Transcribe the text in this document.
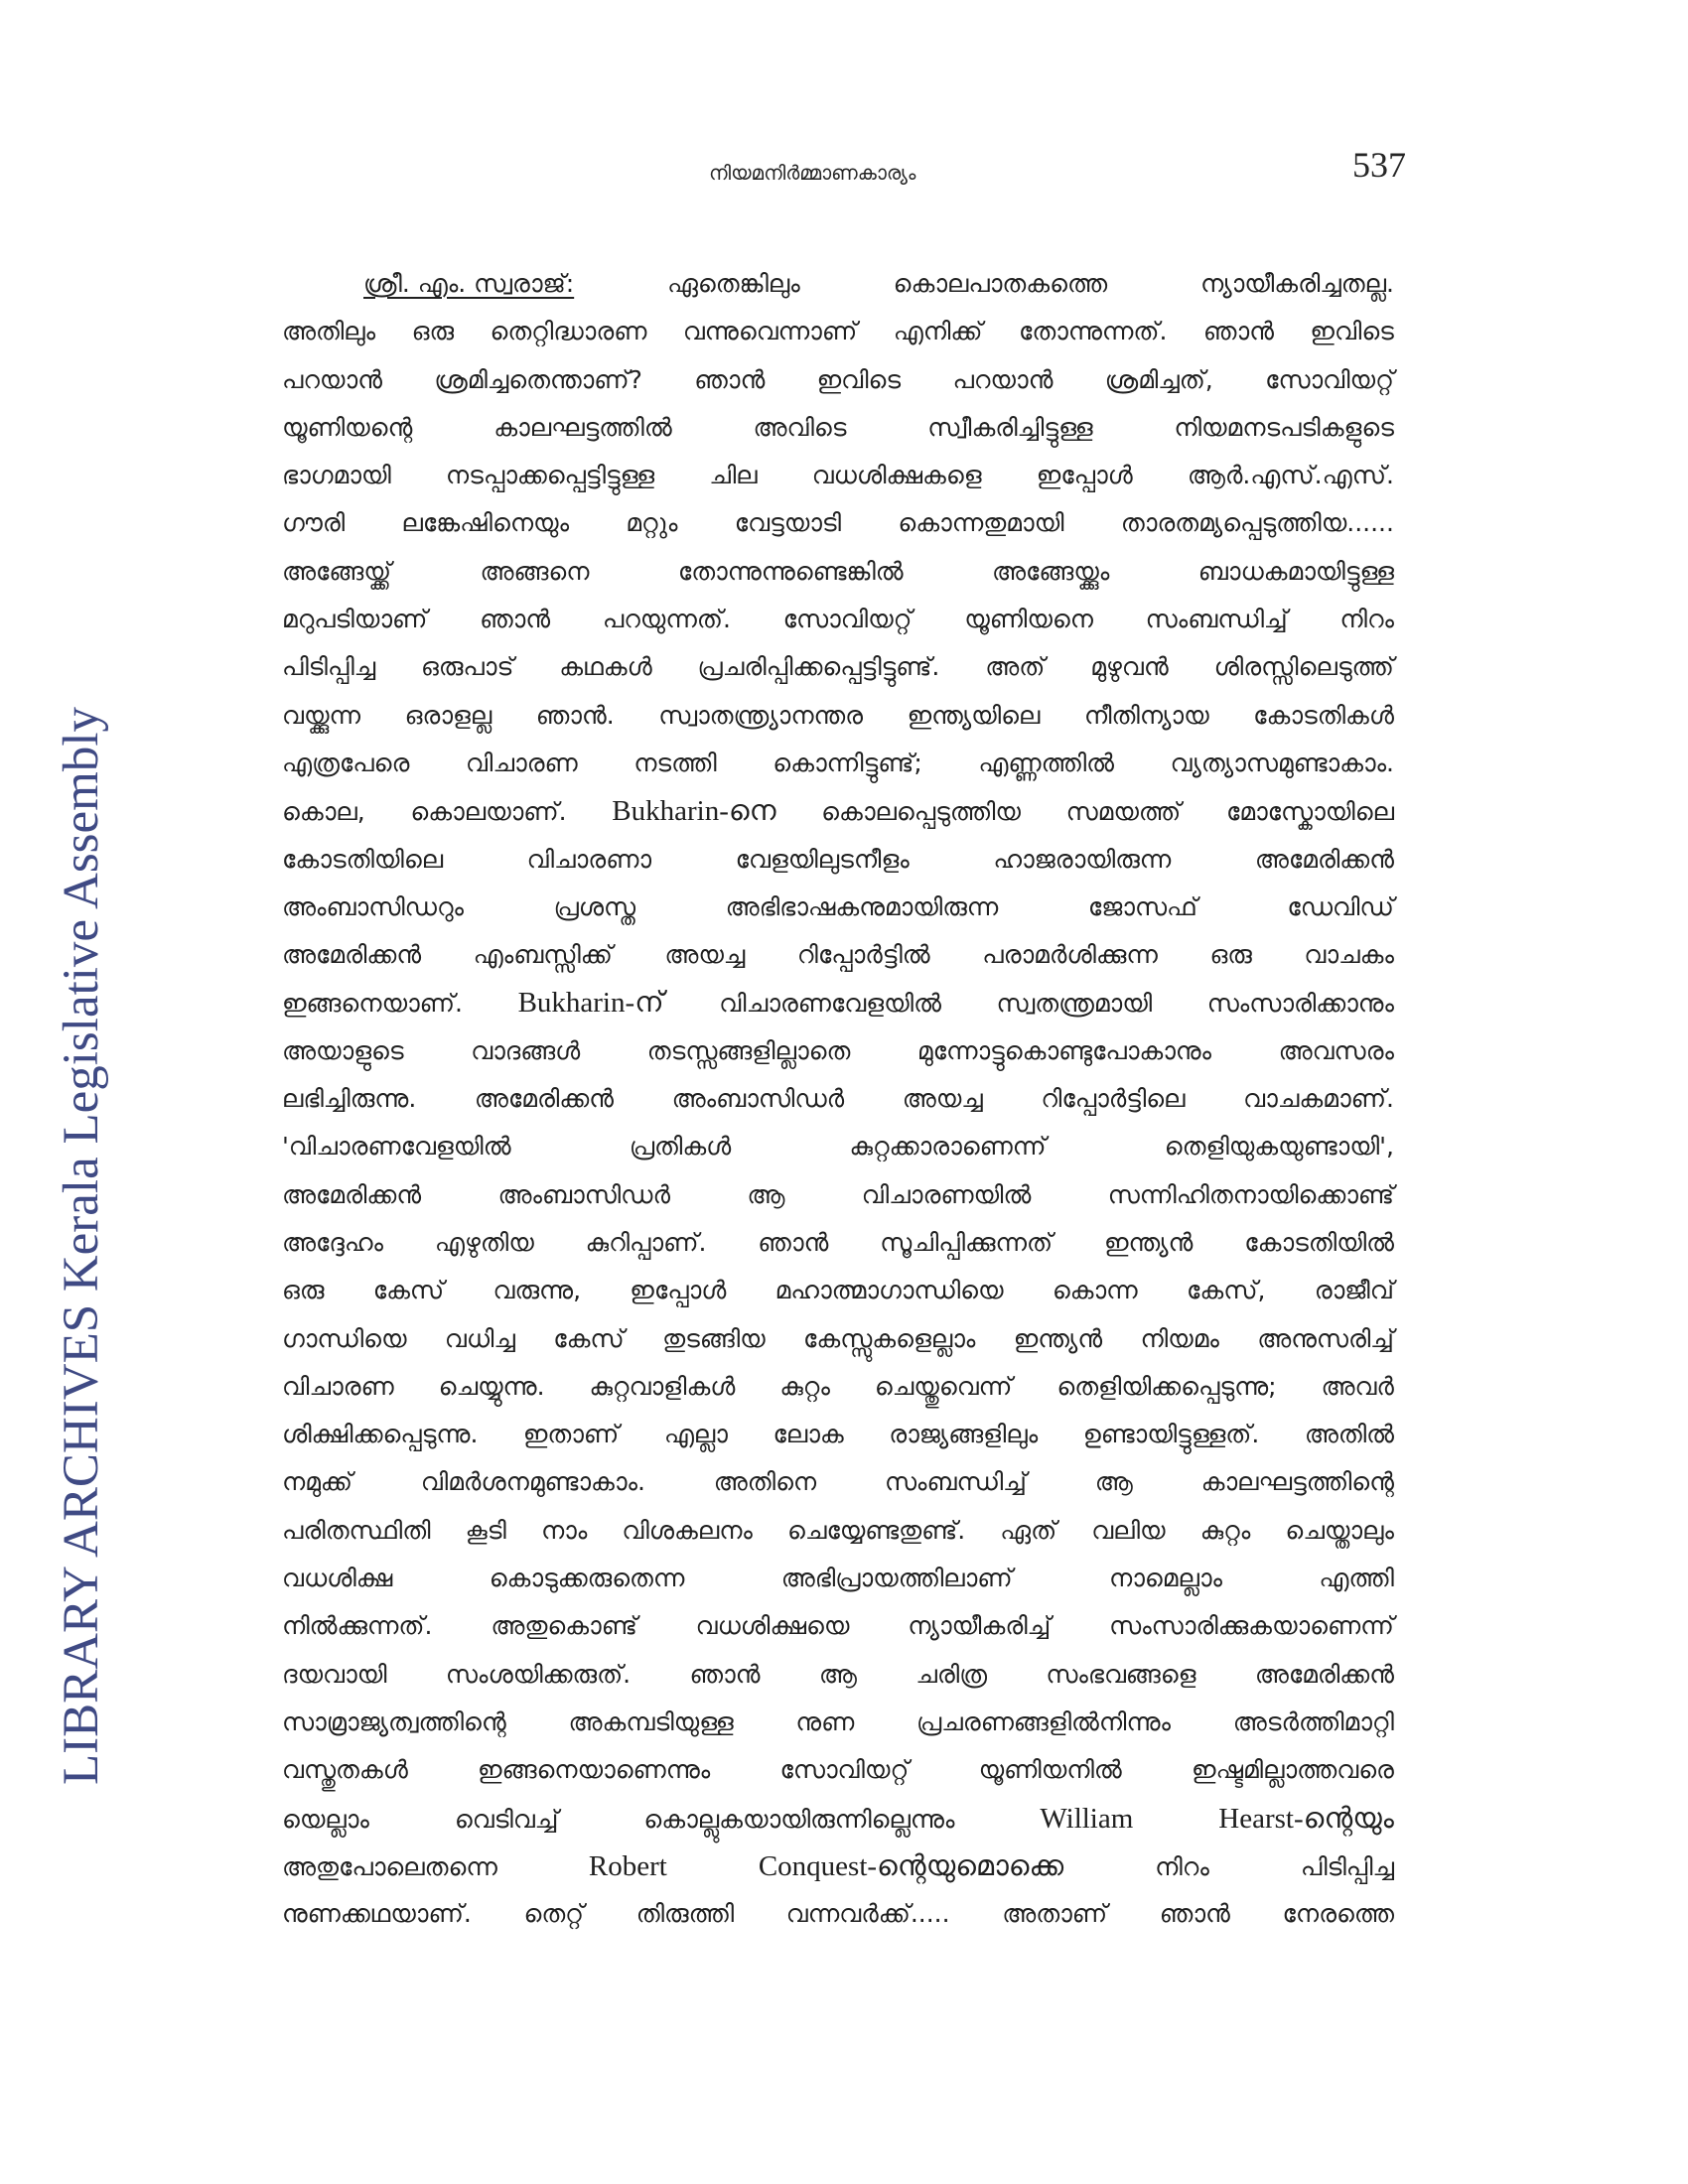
LIBRARY ARCHIVES Kerala Legislative Assembly
നിയമനിർമ്മാണകാര്യം	537
ശ്രീ. എം. സ്വരാജ്:	ഏതെങ്കിലും	കൊലപാതകത്തെ	ന്യായീകരിച്ചതല്ല.
അതിലും ഒരു തെറ്റിദ്ധാരണ വന്നുവെന്നാണ് എനിക്ക് തോന്നുന്നത്. ഞാൻ ഇവിടെ
പറയാൻ ശ്രമിച്ചതെന്താണ്? ഞാൻ ഇവിടെ പറയാൻ ശ്രമിച്ചത്, സോവിയറ്റ്
യൂണിയന്റെ	കാലഘട്ടത്തിൽ	അവിടെ	സ്വീകരിച്ചിട്ടുള്ള	നിയമനടപടികളുടെ
ഭാഗമായി നടപ്പാക്കപ്പെട്ടിട്ടുള്ള ചില വധശിക്ഷകളെ ഇപ്പോൾ ആർ.എസ്.എസ്.
ഗൗരി ലങ്കേഷിനെയും മറ്റും വേട്ടയാടി കൊന്നതുമായി താരതമ്യപ്പെടുത്തിയ......
അങ്ങേയ്ക്ക്	അങ്ങനെ	തോന്നുന്നുണ്ടെങ്കിൽ	അങ്ങേയ്ക്കും	ബാധകമായിട്ടുള്ള
മറുപടിയാണ് ഞാൻ പറയുന്നത്. സോവിയറ്റ് യൂണിയനെ സംബന്ധിച്ച് നിറം
പിടിപ്പിച്ച ഒരുപാട് കഥകൾ പ്രചരിപ്പിക്കപ്പെട്ടിട്ടുണ്ട്. അത് മുഴുവൻ ശിരസ്സിലെടുത്ത്
വയ്ക്കുന്ന ഒരാളല്ല ഞാൻ. സ്വാതന്ത്ര്യാനന്തര ഇന്ത്യയിലെ നീതിന്യായ കോടതികൾ
എത്രപേരെ വിചാരണ നടത്തി കൊന്നിട്ടുണ്ട്; എണ്ണത്തിൽ വ്യത്യാസമുണ്ടാകാം.
കൊല, കൊലയാണ്. Bukharin-നെ കൊലപ്പെടുത്തിയ സമയത്ത് മോസ്കോയിലെ
കോടതിയിലെ	വിചാരണാ	വേളയിലുടനീളം	ഹാജരായിരുന്ന	അമേരിക്കൻ
അംബാസിഡറും	പ്രശസ്ത	അഭിഭാഷകനുമായിരുന്ന	ജോസഫ്	ഡേവിഡ്
അമേരിക്കൻ എംബസ്സിക്ക് അയച്ച റിപ്പോർട്ടിൽ പരാമർശിക്കുന്ന ഒരു വാചകം
ഇങ്ങനെയാണ്. Bukharin-ന് വിചാരണവേളയിൽ സ്വതന്ത്രമായി സംസാരിക്കാനും
അയാളുടെ	വാദങ്ങൾ	തടസ്സങ്ങളില്ലാതെ	മുന്നോട്ടുകൊണ്ടുപോകാനും	അവസരം
ലഭിച്ചിരുന്നു. അമേരിക്കൻ അംബാസിഡർ അയച്ച റിപ്പോർട്ടിലെ വാചകമാണ്.
'വിചാരണവേളയിൽ	പ്രതികൾ	കുറ്റക്കാരാണെന്ന്	തെളിയുകയുണ്ടായി',
അമേരിക്കൻ	അംബാസിഡർ	ആ	വിചാരണയിൽ	സന്നിഹിതനായിക്കൊണ്ട്
അദ്ദേഹം എഴുതിയ കുറിപ്പാണ്. ഞാൻ സൂചിപ്പിക്കുന്നത് ഇന്ത്യൻ കോടതിയിൽ
ഒരു കേസ് വരുന്നു, ഇപ്പോൾ മഹാത്മാഗാന്ധിയെ കൊന്ന കേസ്, രാജീവ്
ഗാന്ധിയെ വധിച്ച കേസ് തുടങ്ങിയ കേസ്സുകളെല്ലാം ഇന്ത്യൻ നിയമം അനുസരിച്ച്
വിചാരണ ചെയ്യുന്നു. കുറ്റവാളികൾ കുറ്റം ചെയ്തുവെന്ന് തെളിയിക്കപ്പെടുന്നു; അവർ
ശിക്ഷിക്കപ്പെടുന്നു. ഇതാണ് എല്ലാ ലോക രാജ്യങ്ങളിലും ഉണ്ടായിട്ടുള്ളത്. അതിൽ
നമുക്ക്	വിമർശനമുണ്ടാകാം.	അതിനെ	സംബന്ധിച്ച്	ആ	കാലഘട്ടത്തിന്റെ
പരിതസ്ഥിതി കൂടി നാം വിശകലനം ചെയ്യേണ്ടതുണ്ട്. ഏത് വലിയ കുറ്റം ചെയ്താലും
വധശിക്ഷ	കൊടുക്കരുതെന്ന	അഭിപ്രായത്തിലാണ്	നാമെല്ലാം	എത്തി
നിൽക്കുന്നത്. അതുകൊണ്ട് വധശിക്ഷയെ ന്യായീകരിച്ച് സംസാരിക്കുകയാണെന്ന്
ദയവായി സംശയിക്കരുത്. ഞാൻ ആ ചരിത്ര സംഭവങ്ങളെ അമേരിക്കൻ
സാമ്രാജ്യത്വത്തിന്റെ	അകമ്പടിയുള്ള	നുണ	പ്രചരണങ്ങളിൽനിന്നും	അടർത്തിമാറ്റി
വസ്തുതകൾ	ഇങ്ങനെയാണെന്നും	സോവിയറ്റ്	യൂണിയനിൽ	ഇഷ്ടമില്ലാത്തവരെ
യെല്ലാം	വെടിവച്ച്	കൊല്ലുകയായിരുന്നില്ലെന്നും	William	Hearst-ന്റെയും
അതുപോലെതന്നെ	Robert	Conquest-ന്റെയുമൊക്കെ	നിറം	പിടിപ്പിച്ച
നുണക്കഥയാണ്. തെറ്റ് തിരുത്തി വന്നവർക്ക്..... അതാണ് ഞാൻ നേരത്തെ
